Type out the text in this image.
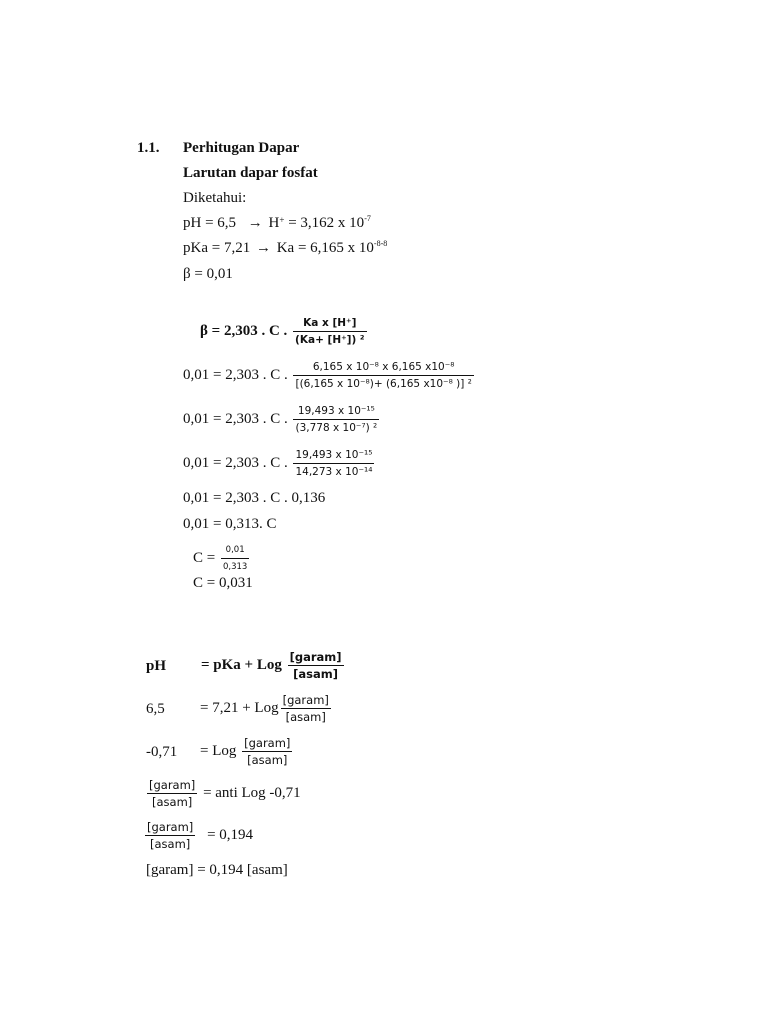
1.1. Perhitugan Dapar
Larutan dapar fosfat
Diketahui:
pH = 6,5 → H+ = 3,162 x $10^{-7}$
pKa = 7,21 → Ka = 6,165 x $10^{-8-8}$
β = 0,01
β = 2,303 . C . $\frac{\text{Ka x [H⁺]}}{\text{(Ka+ [H⁺]) ²}}$
0,01 = 2,303 . C . $\frac{\text{6,165 x 10⁻⁸ x 6,165 x10⁻⁸}}{\text{[(6,165 x 10⁻⁸)+ (6,165 x10⁻⁸ )] ²}}$
0,01 = 2,303 . C . $\frac{\text{19,493 x 10⁻¹⁵}}{\text{(3,778 x 10⁻⁷) ²}}$
0,01 = 2,303 . C . $\frac{\text{19,493 x 10⁻¹⁵}}{\text{14,273 x 10⁻¹⁴}}$
0,01 = 2,303 . C . 0,136
0,01 = 0,313. C
$C = \frac{0,01}{0,313}$
C = 0,031
pH = pKa + Log $\frac{\text{[garam]}}{\text{[asam]}}$
6,5 = 7,21 + Log $\frac{\text{[garam]}}{\text{[asam]}}$
-0,71 = Log $\frac{\text{[garam]}}{\text{[asam]}}$
$\frac{\text{[garam]}}{\text{[asam]}}$ = anti Log -0,71
$\frac{\text{[garam]}}{\text{[asam]}} = 0,194$
[garam] = 0,194 [asam]
